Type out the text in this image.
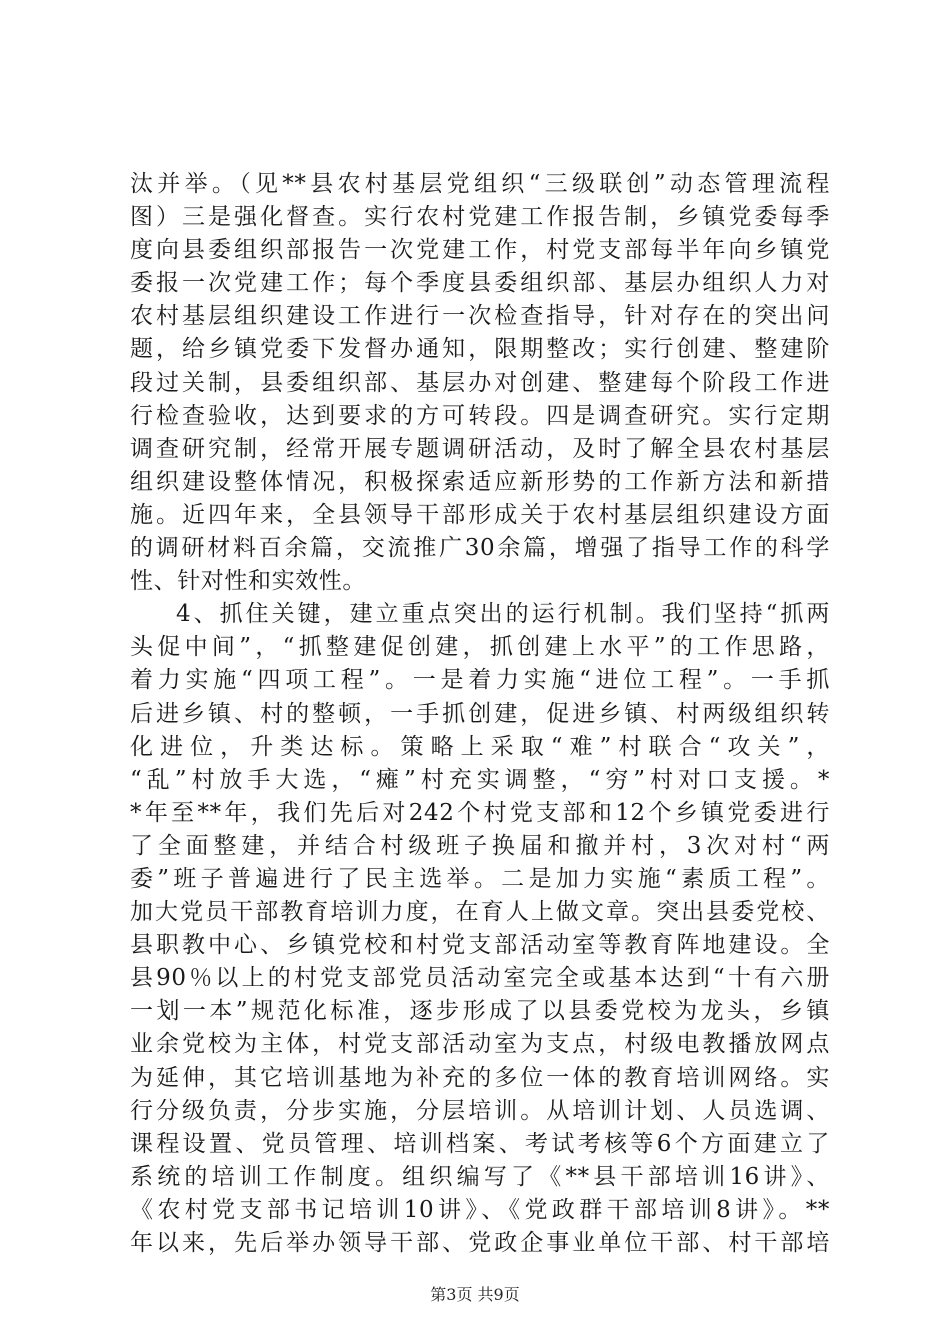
汰并举。（见**县农村基层党组织“三级联创”动态管理流程
图）三是强化督查。实行农村党建工作报告制，乡镇党委每季
度向县委组织部报告一次党建工作，村党支部每半年向乡镇党
委报一次党建工作；每个季度县委组织部、基层办组织人力对
农村基层组织建设工作进行一次检查指导，针对存在的突出问
题，给乡镇党委下发督办通知，限期整改；实行创建、整建阶
段过关制，县委组织部、基层办对创建、整建每个阶段工作进
行检查验收，达到要求的方可转段。四是调查研究。实行定期
调查研究制，经常开展专题调研活动，及时了解全县农村基层
组织建设整体情况，积极探索适应新形势的工作新方法和新措
施。近四年来，全县领导干部形成关于农村基层组织建设方面
的调研材料百余篇，交流推广30余篇，增强了指导工作的科学
性、针对性和实效性。
4、抓住关键，建立重点突出的运行机制。我们坚持“抓两
头促中间”，“抓整建促创建，抓创建上水平”的工作思路，
着力实施“四项工程”。一是着力实施“进位工程”。一手抓
后进乡镇、村的整顿，一手抓创建，促进乡镇、村两级组织转
化进位，升类达标。策略上采取“难”村联合“攻关”，
“乱”村放手大选，“瘫”村充实调整，“穷”村对口支援。*
*年至**年，我们先后对242个村党支部和12个乡镇党委进行
了全面整建，并结合村级班子换届和撤并村，3次对村“两
委”班子普遍进行了民主选举。二是加力实施“素质工程”。
加大党员干部教育培训力度，在育人上做文章。突出县委党校、
县职教中心、乡镇党校和村党支部活动室等教育阵地建设。全
县90％以上的村党支部党员活动室完全或基本达到“十有六册
一划一本”规范化标准，逐步形成了以县委党校为龙头，乡镇
业余党校为主体，村党支部活动室为支点，村级电教播放网点
为延伸，其它培训基地为补充的多位一体的教育培训网络。实
行分级负责，分步实施，分层培训。从培训计划、人员选调、
课程设置、党员管理、培训档案、考试考核等6个方面建立了
系统的培训工作制度。组织编写了《**县干部培训16讲》、
《农村党支部书记培训10讲》、《党政群干部培训8讲》。**
年以来，先后举办领导干部、党政企事业单位干部、村干部培
第3页 共9页
